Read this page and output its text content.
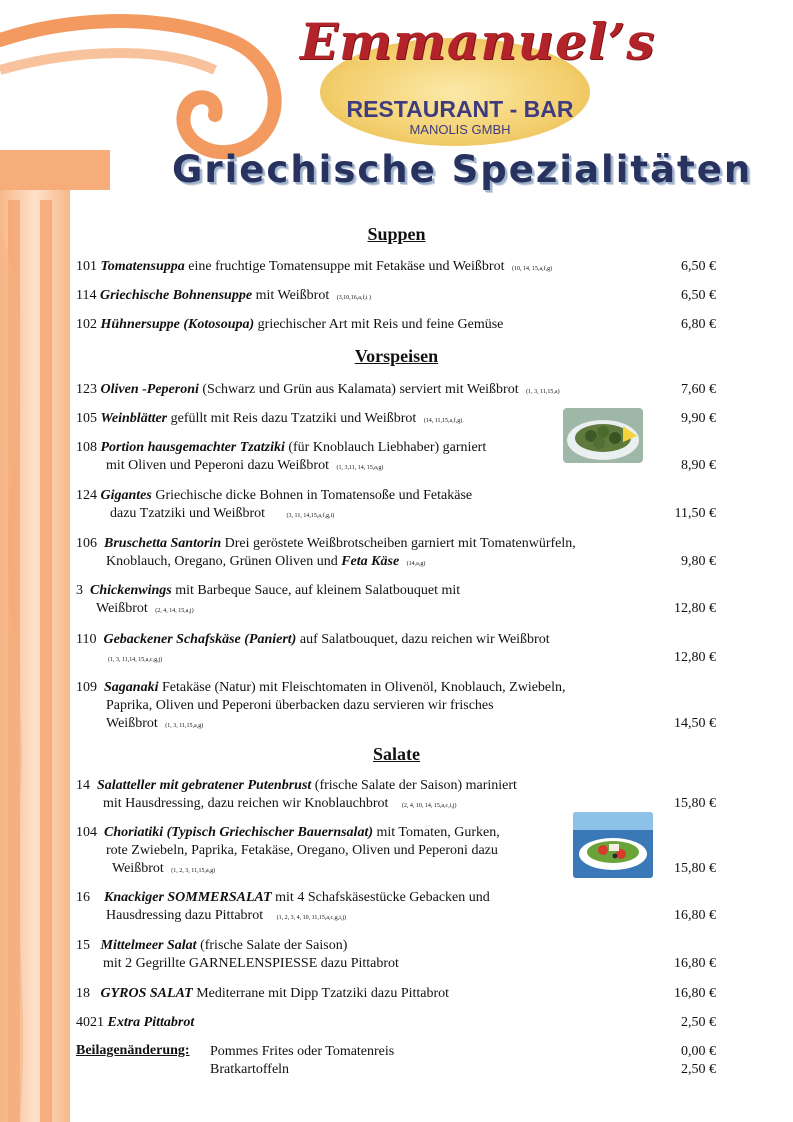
Emmanuel’s
RESTAURANT - BAR
MANOLIS GMBH
Griechische Spezialitäten
Suppen
101 Tomatensuppa eine fruchtige Tomatensuppe mit Fetakäse und Weißbrot (10, 14, 15,a,f,g)	6,50 €
114 Griechische Bohnensuppe mit Weißbrot (3,10,16,a,f,i )	6,50 €
102 Hühnersuppe (Kotosoupa) griechischer Art mit Reis und feine Gemüse	6,80 €
Vorspeisen
123 Oliven -Peperoni (Schwarz und Grün aus Kalamata) serviert mit Weißbrot (1, 3, 11,15,a)	7,60 €
105 Weinblätter gefüllt mit Reis dazu Tzatziki und Weißbrot (14, 11,15,a,f,g)	9,90 €
108 Portion hausgemachter Tzatziki (für Knoblauch Liebhaber) garniert
mit Oliven und Peperoni dazu Weißbrot (1, 3,11, 14, 15,a,g)	8,90 €
124 Gigantes Griechische dicke Bohnen in Tomatensoße und Fetakäse
dazu Tzatziki und Weißbrot	(3, 11, 14,15,a,f,g,i)	11,50 €
106 Bruschetta Santorin Drei geröstete Weißbrotscheiben garniert mit Tomatenwürfeln,
Knoblauch, Oregano, Grünen Oliven und Feta Käse (14,a,g)	9,80 €
3 Chickenwings mit Barbeque Sauce, auf kleinem Salatbouquet mit
Weißbrot (2, 4, 14, 15,a,j)	12,80 €
110 Gebackener Schafskäse (Paniert) auf Salatbouquet, dazu reichen wir Weißbrot
(1, 3, 11,14, 15,a,c,g,j)	12,80 €
109 Saganaki Fetakäse (Natur) mit Fleischtomaten in Olivenöl, Knoblauch, Zwiebeln,
Paprika, Oliven und Peperoni überbacken dazu servieren wir frisches
Weißbrot (1, 3, 11,15,a,g)	14,50 €
Salate
14 Salatteller mit gebratener Putenbrust (frische Salate der Saison) mariniert
mit Hausdressing, dazu reichen wir Knoblauchbrot (2, 4, 10, 14, 15,a,c,i,j)	15,80 €
104 Choriatiki (Typisch Griechischer Bauernsalat) mit Tomaten, Gurken,
rote Zwiebeln, Paprika, Fetakäse, Oregano, Oliven und Peperoni dazu
Weißbrot (1, 2, 3, 11,15,a,g)	15,80 €
16 Knackiger SOMMERSALAT mit 4 Schafskäsestücke Gebacken und
Hausdressing dazu Pittabrot (1, 2, 3, 4, 10, 11,15,a,c,g,i,j)	16,80 €
15 Mittelmeer Salat (frische Salate der Saison)
mit 2 Gegrillte GARNELENSPIESSE dazu Pittabrot	16,80 €
18 GYROS SALAT Mediterrane mit Dipp Tzatziki dazu Pittabrot	16,80 €
4021 Extra Pittabrot	2,50 €
Beilagenänderung: Pommes Frites oder Tomatenreis	0,00 €
Bratkartoffeln	2,50 €
